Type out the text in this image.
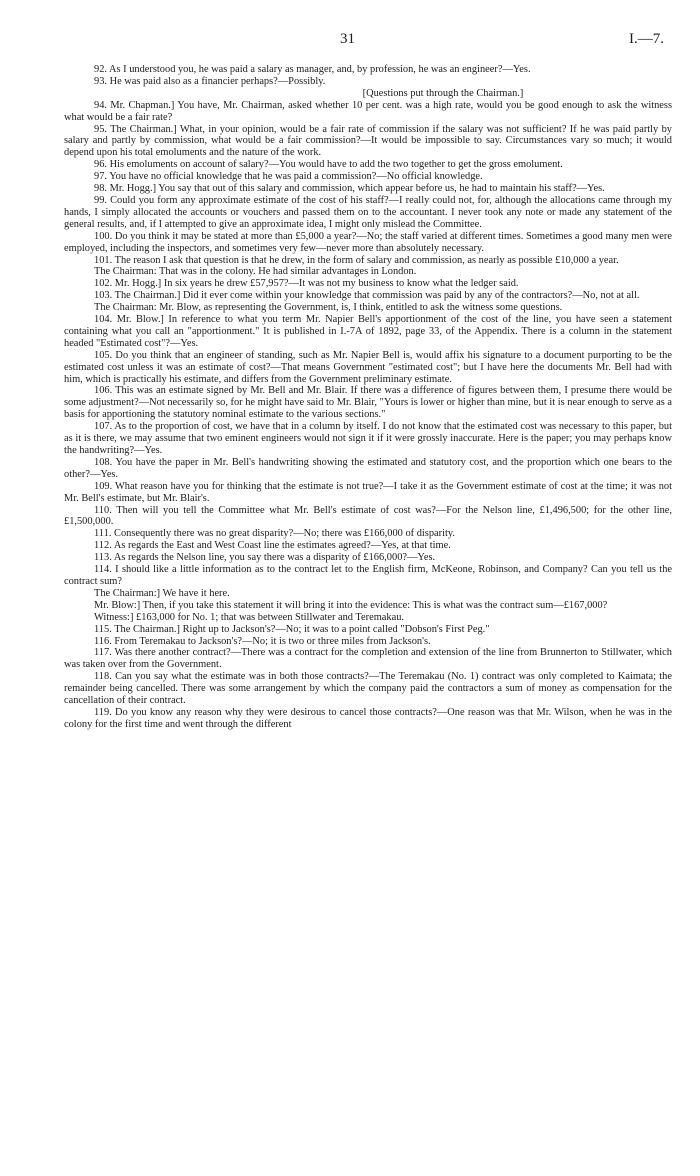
31	I.—7.

92. As I understood you, he was paid a salary as manager, and, by profession, he was an engineer?—Yes.

93. He was paid also as a financier perhaps?—Possibly.

[Questions put through the Chairman.]

94. Mr. Chapman.] You have, Mr. Chairman, asked whether 10 per cent. was a high rate, would you be good enough to ask the witness what would be a fair rate?

95. The Chairman.] What, in your opinion, would be a fair rate of commission if the salary was not sufficient? If he was paid partly by salary and partly by commission, what would be a fair commission?—It would be impossible to say. Circumstances vary so much; it would depend upon his total emoluments and the nature of the work.

96. His emoluments on account of salary?—You would have to add the two together to get the gross emolument.

97. You have no official knowledge that he was paid a commission?—No official knowledge.

98. Mr. Hogg.] You say that out of this salary and commission, which appear before us, he had to maintain his staff?—Yes.

99. Could you form any approximate estimate of the cost of his staff?—I really could not, for, although the allocations came through my hands, I simply allocated the accounts or vouchers and passed them on to the accountant. I never took any note or made any statement of the general results, and, if I attempted to give an approximate idea, I might only mislead the Committee.

100. Do you think it may be stated at more than £5,000 a year?—No; the staff varied at different times. Sometimes a good many men were employed, including the inspectors, and sometimes very few—never more than absolutely necessary.

101. The reason I ask that question is that he drew, in the form of salary and commission, as nearly as possible £10,000 a year.

The Chairman: That was in the colony. He had similar advantages in London.

102. Mr. Hogg.] In six years he drew £57,957?—It was not my business to know what the ledger said.

103. The Chairman.] Did it ever come within your knowledge that commission was paid by any of the contractors?—No, not at all.

The Chairman: Mr. Blow, as representing the Government, is, I think, entitled to ask the witness some questions.

104. Mr. Blow.] In reference to what you term Mr. Napier Bell's apportionment of the cost of the line, you have seen a statement containing what you call an "apportionment." It is published in I.-7A of 1892, page 33, of the Appendix. There is a column in the statement headed "Estimated cost"?—Yes.

105. Do you think that an engineer of standing, such as Mr. Napier Bell is, would affix his signature to a document purporting to be the estimated cost unless it was an estimate of cost?—That means Government "estimated cost"; but I have here the documents Mr. Bell had with him, which is practically his estimate, and differs from the Government preliminary estimate.

106. This was an estimate signed by Mr. Bell and Mr. Blair. If there was a difference of figures between them, I presume there would be some adjustment?—Not necessarily so, for he might have said to Mr. Blair, "Yours is lower or higher than mine, but it is near enough to serve as a basis for apportioning the statutory nominal estimate to the various sections."

107. As to the proportion of cost, we have that in a column by itself. I do not know that the estimated cost was necessary to this paper, but as it is there, we may assume that two eminent engineers would not sign it if it were grossly inaccurate. Here is the paper; you may perhaps know the handwriting?—Yes.

108. You have the paper in Mr. Bell's handwriting showing the estimated and statutory cost, and the proportion which one bears to the other?—Yes.

109. What reason have you for thinking that the estimate is not true?—I take it as the Government estimate of cost at the time; it was not Mr. Bell's estimate, but Mr. Blair's.

110. Then will you tell the Committee what Mr. Bell's estimate of cost was?—For the Nelson line, £1,496,500; for the other line, £1,500,000.

111. Consequently there was no great disparity?—No; there was £166,000 of disparity.

112. As regards the East and West Coast line the estimates agreed?—Yes, at that time.

113. As regards the Nelson line, you say there was a disparity of £166,000?—Yes.

114. I should like a little information as to the contract let to the English firm, McKeone, Robinson, and Company? Can you tell us the contract sum?

The Chairman:] We have it here.

Mr. Blow:] Then, if you take this statement it will bring it into the evidence: This is what was the contract sum—£167,000?

Witness:] £163,000 for No. 1; that was between Stillwater and Teremakau.

115. The Chairman.] Right up to Jackson's?—No; it was to a point called "Dobson's First Peg."

116. From Teremakau to Jackson's?—No; it is two or three miles from Jackson's.

117. Was there another contract?—There was a contract for the completion and extension of the line from Brunnerton to Stillwater, which was taken over from the Government.

118. Can you say what the estimate was in both those contracts?—The Teremakau (No. 1) contract was only completed to Kaimata; the remainder being cancelled. There was some arrangement by which the company paid the contractors a sum of money as compensation for the cancellation of their contract.

119. Do you know any reason why they were desirous to cancel those contracts?—One reason was that Mr. Wilson, when he was in the colony for the first time and went through the different
